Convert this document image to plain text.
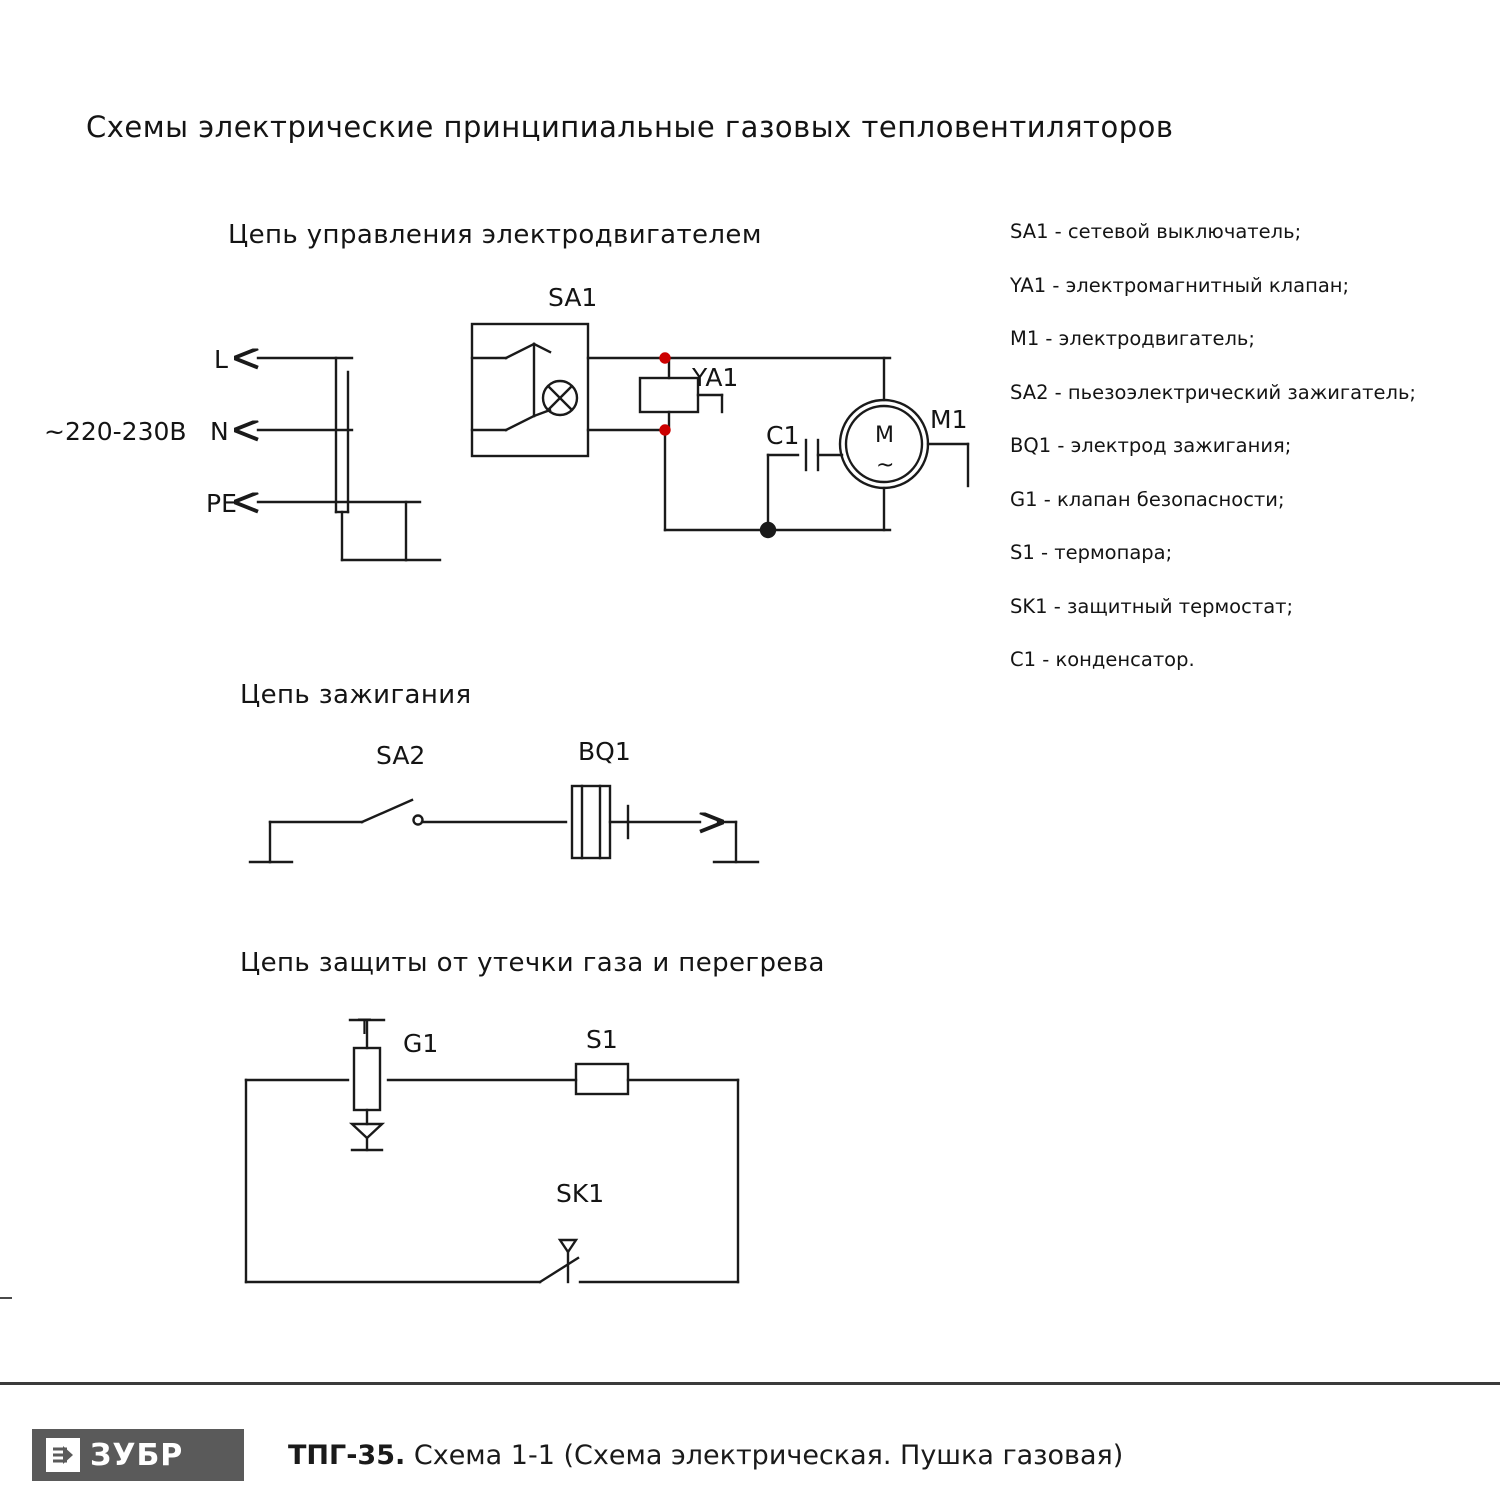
Схемы электрические принципиальные газовых тепловентиляторов
Цепь управления электродвигателем
Цепь зажигания
Цепь защиты от утечки газа и перегрева
SA1 - сетевой выключатель;
YA1 - электромагнитный клапан;
M1 - электродвигатель;
SA2 - пьезоэлектрический зажигатель;
BQ1 - электрод зажигания;
G1 - клапан безопасности;
S1 - термопара;
SK1 - защитный термостат;
C1 - конденсатор.
L
N
PE
~220-230В
SA1
YA1
C1
M1
M
~
SA2	BQ1
G1	S1
SK1
T
ЗУБР	ТПГ-35. Схема 1-1 (Схема электрическая. Пушка газовая)
